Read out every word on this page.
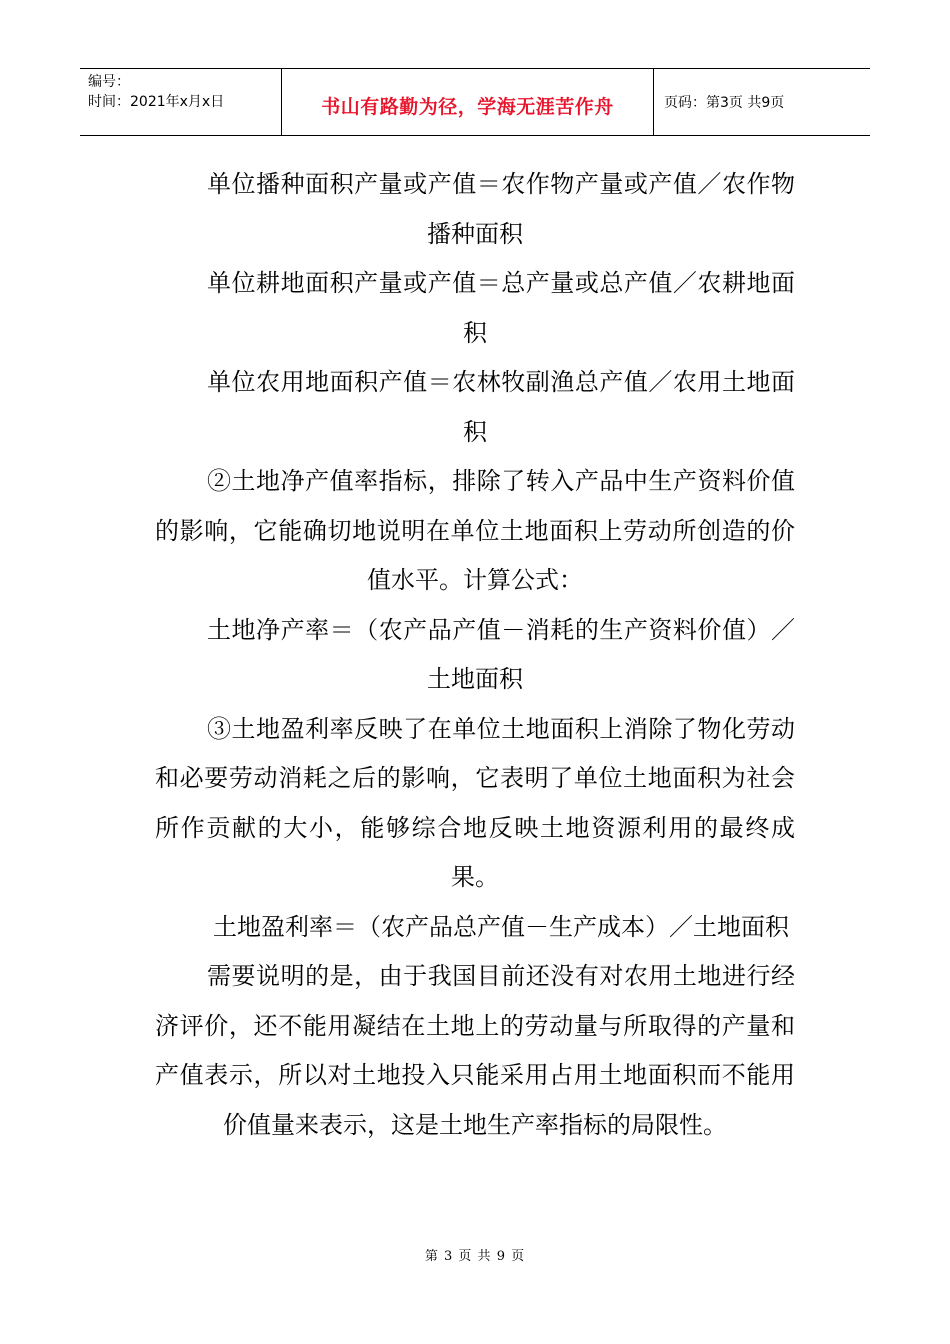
编号：
时间：2021年x月x日	书山有路勤为径，学海无涯苦作舟	页码：第3页 共9页

单位播种面积产量或产值＝农作物产量或产值／农作物播种面积

单位耕地面积产量或产值＝总产量或总产值／农耕地面积

单位农用地面积产值＝农林牧副渔总产值／农用土地面积

②土地净产值率指标，排除了转入产品中生产资料价值的影响，它能确切地说明在单位土地面积上劳动所创造的价值水平。计算公式：

土地净产率＝（农产品产值－消耗的生产资料价值）／土地面积

③土地盈利率反映了在单位土地面积上消除了物化劳动和必要劳动消耗之后的影响，它表明了单位土地面积为社会所作贡献的大小，能够综合地反映土地资源利用的最终成果。

土地盈利率＝（农产品总产值－生产成本）／土地面积

需要说明的是，由于我国目前还没有对农用土地进行经济评价，还不能用凝结在土地上的劳动量与所取得的产量和产值表示，所以对土地投入只能采用占用土地面积而不能用价值量来表示，这是土地生产率指标的局限性。

第 3 页 共 9 页
